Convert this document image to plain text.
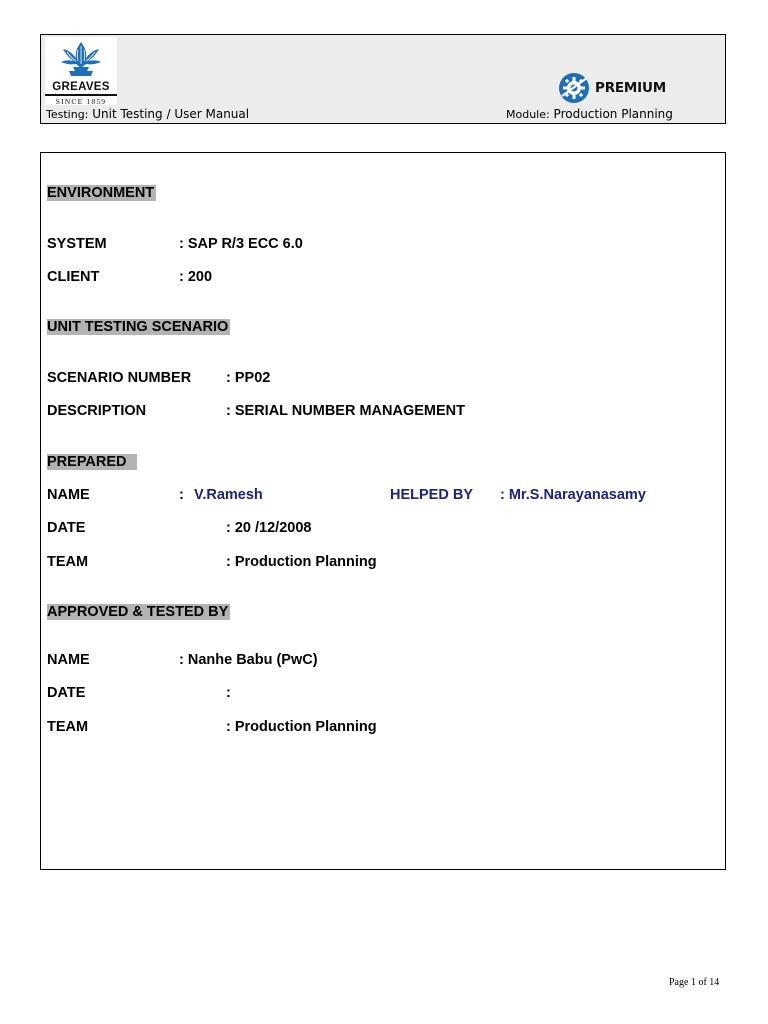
GREAVES
SINCE 1859
PREMIUM
Testing: Unit Testing / User Manual	Module: Production Planning
ENVIRONMENT
SYSTEM	: SAP R/3 ECC 6.0
CLIENT	: 200
UNIT TESTING SCENARIO
SCENARIO NUMBER : PP02
DESCRIPTION	: SERIAL NUMBER MANAGEMENT
PREPARED
NAME	: V.Ramesh	HELPED BY : Mr.S.Narayanasamy
DATE	: 20 /12/2008
TEAM	: Production Planning
APPROVED & TESTED BY
NAME	: Nanhe Babu (PwC)
DATE	:
TEAM	: Production Planning
Page 1 of 14
